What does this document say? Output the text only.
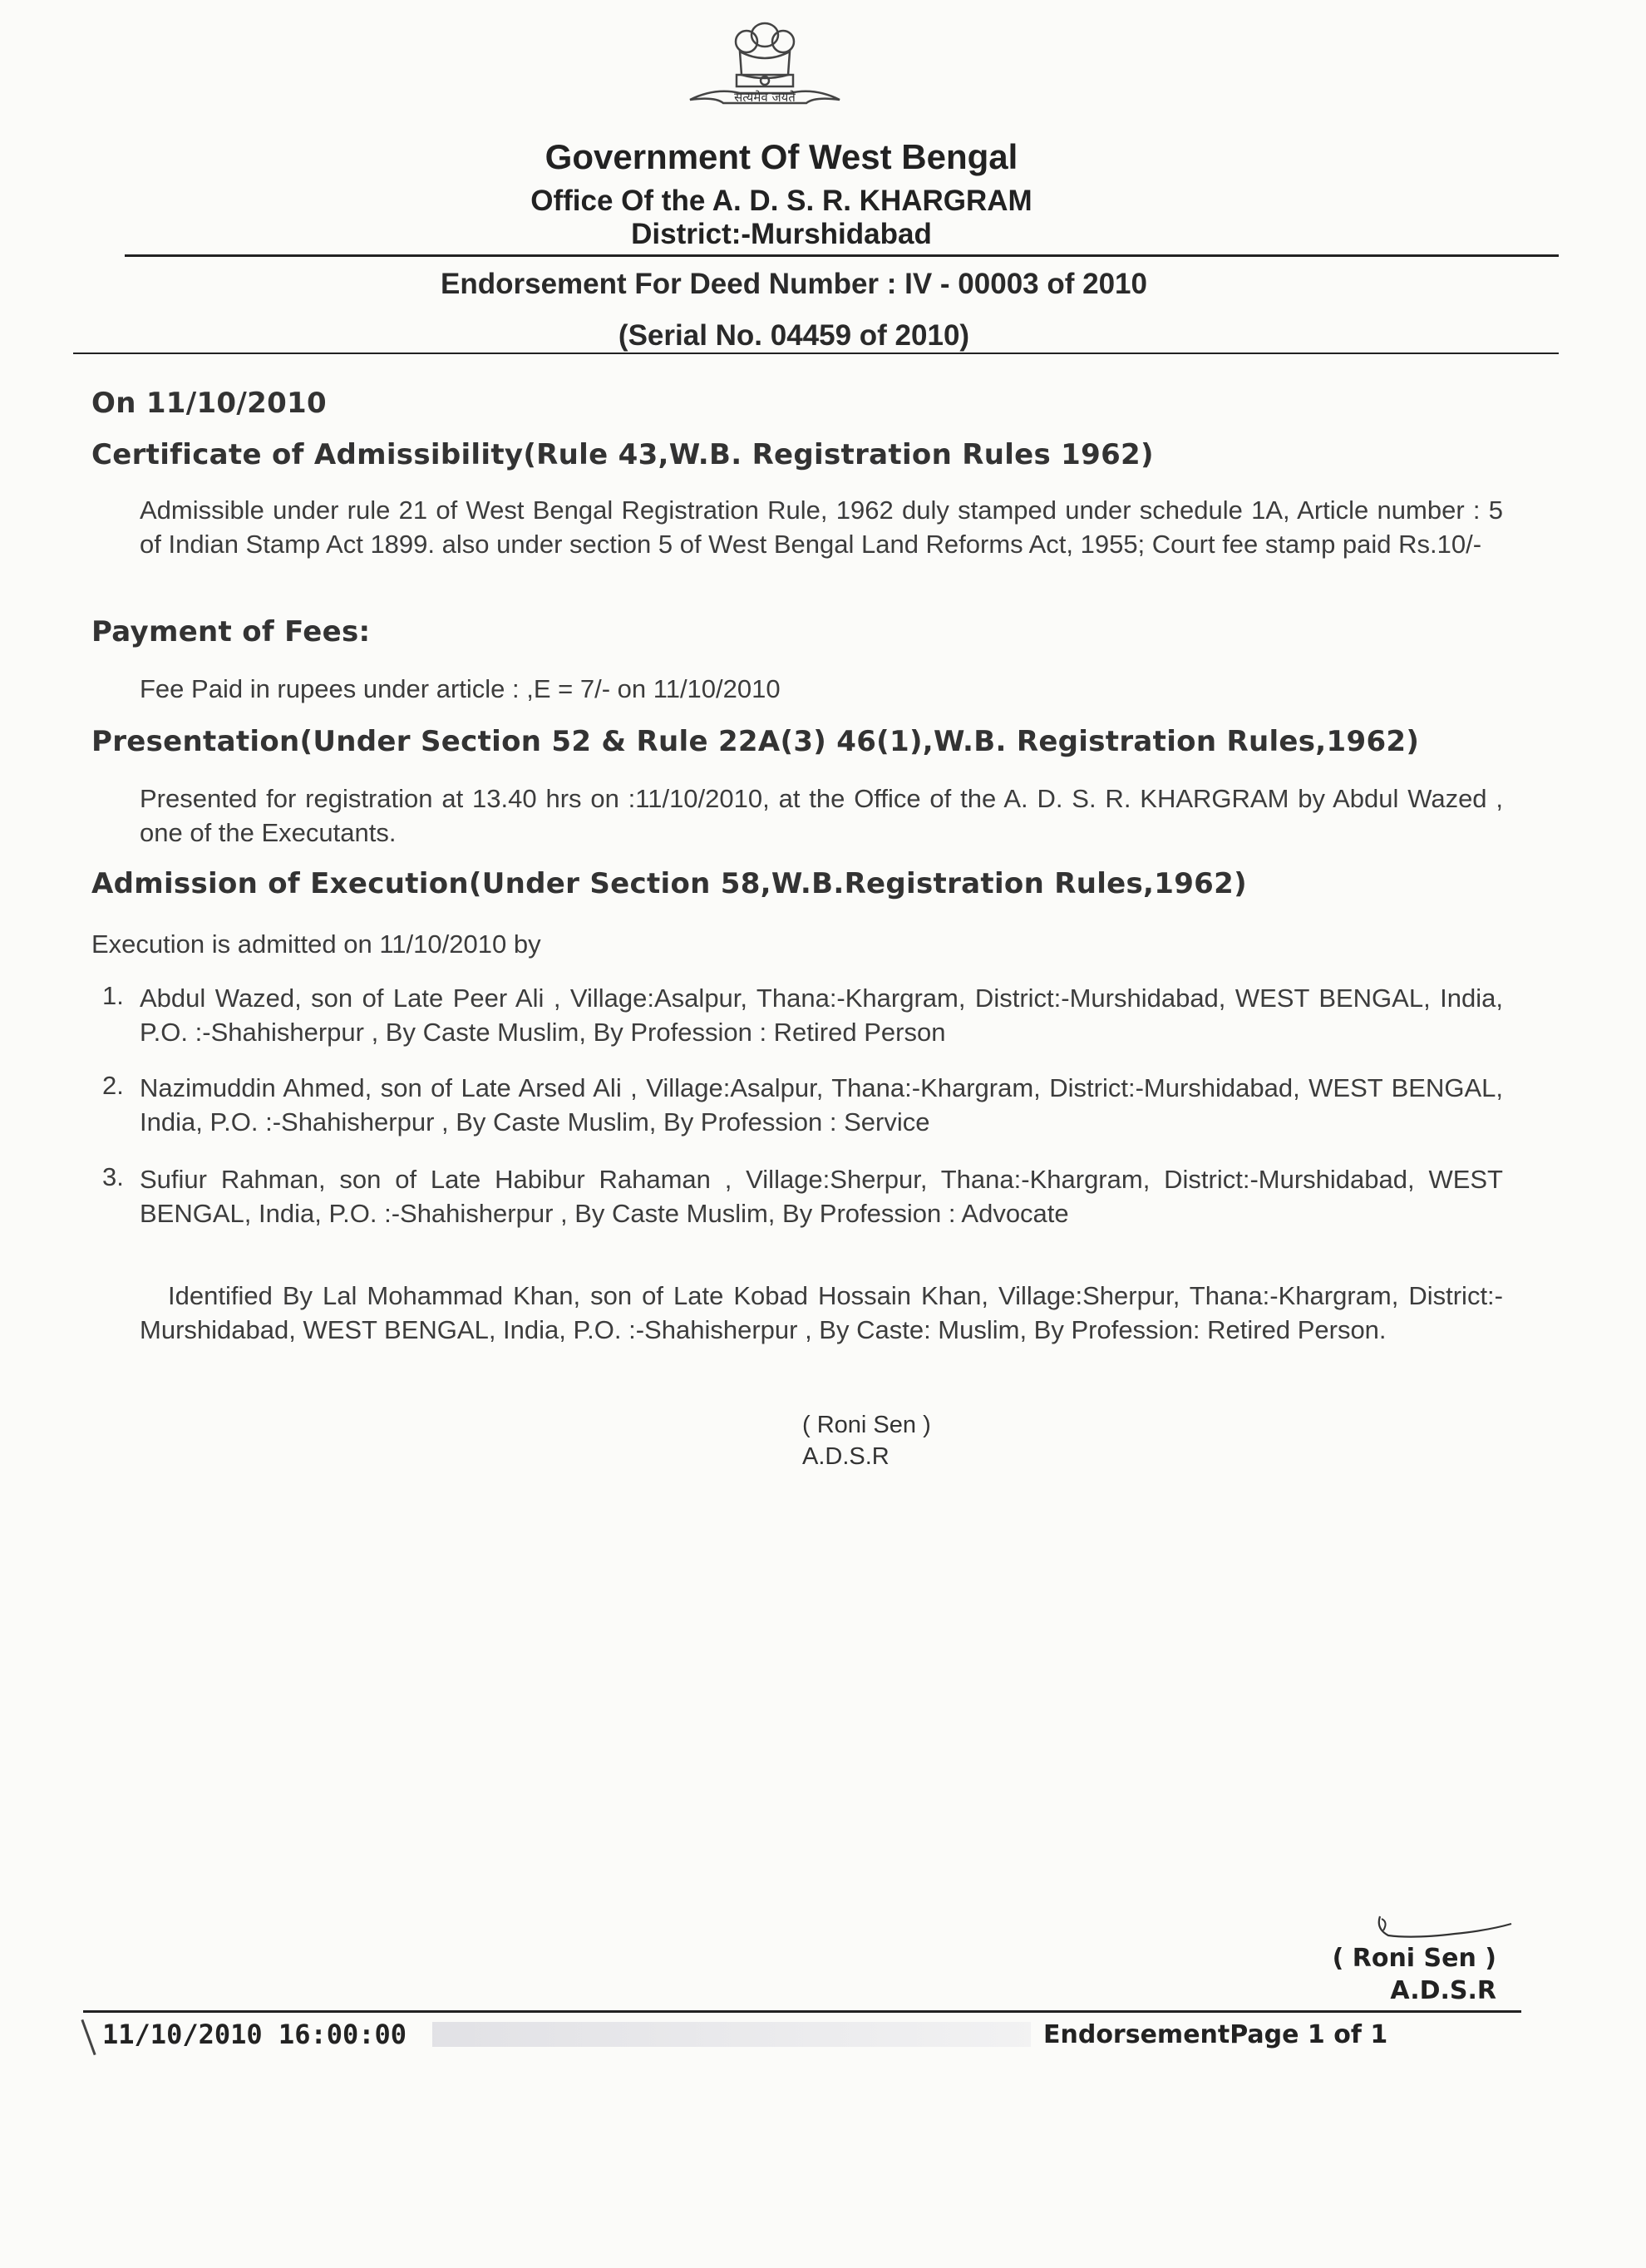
सत्यमेव जयते
Government Of West Bengal
Office Of the A. D. S. R. KHARGRAM
District:-Murshidabad
Endorsement For Deed Number : IV - 00003 of 2010
(Serial No. 04459 of 2010)
On 11/10/2010
Certificate of Admissibility(Rule 43,W.B. Registration Rules 1962)
Admissible under rule 21 of West Bengal Registration Rule, 1962 duly stamped under schedule 1A, Article number : 5 of Indian Stamp Act 1899. also under section 5 of West Bengal Land Reforms Act, 1955; Court fee stamp paid Rs.10/-
Payment of Fees:
Fee Paid in rupees under article : ,E = 7/- on 11/10/2010
Presentation(Under Section 52 & Rule 22A(3) 46(1),W.B. Registration Rules,1962)
Presented for registration at 13.40 hrs on :11/10/2010, at the Office of the A. D. S. R. KHARGRAM by Abdul Wazed , one of the Executants.
Admission of Execution(Under Section 58,W.B.Registration Rules,1962)
Execution is admitted on 11/10/2010 by
1. Abdul Wazed, son of Late Peer Ali , Village:Asalpur, Thana:-Khargram, District:-Murshidabad, WEST BENGAL, India, P.O. :-Shahisherpur , By Caste Muslim, By Profession : Retired Person
2. Nazimuddin Ahmed, son of Late Arsed Ali , Village:Asalpur, Thana:-Khargram, District:-Murshidabad, WEST BENGAL, India, P.O. :-Shahisherpur , By Caste Muslim, By Profession : Service
3. Sufiur Rahman, son of Late Habibur Rahaman , Village:Sherpur, Thana:-Khargram, District:-Murshidabad, WEST BENGAL, India, P.O. :-Shahisherpur , By Caste Muslim, By Profession : Advocate
Identified By Lal Mohammad Khan, son of Late Kobad Hossain Khan, Village:Sherpur, Thana:-Khargram, District:-Murshidabad, WEST BENGAL, India, P.O. :-Shahisherpur , By Caste: Muslim, By Profession: Retired Person.
( Roni Sen )
A.D.S.R
( Roni Sen )
A.D.S.R
11/10/2010 16:00:00	EndorsementPage 1 of 1
